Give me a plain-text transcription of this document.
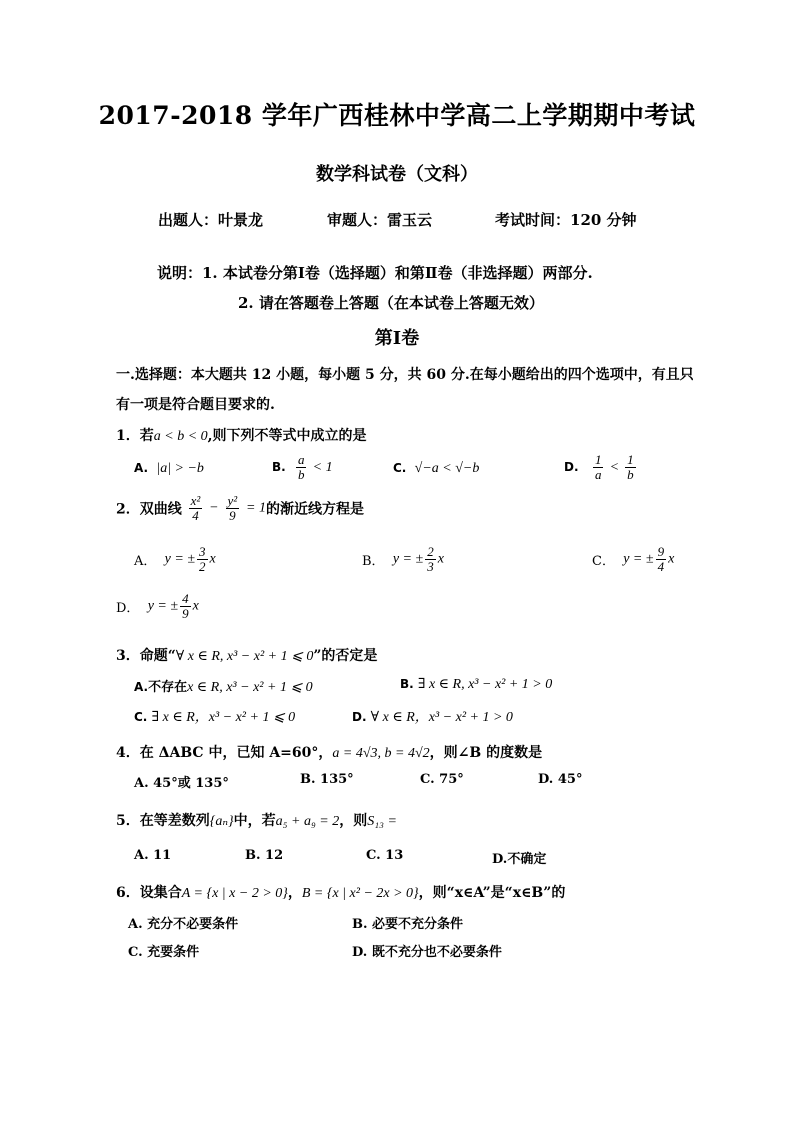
2017-2018 学年广西桂林中学高二上学期期中考试
数学科试卷（文科）
出题人：叶景龙	审题人：雷玉云	考试时间：120 分钟
说明：1. 本试卷分第Ⅰ卷（选择题）和第Ⅱ卷（非选择题）两部分.
2. 请在答题卷上答题（在本试卷上答题无效）
第Ⅰ卷
一.选择题：本大题共 12 小题，每小题 5 分，共 60 分.在每小题给出的四个选项中，有且只
有一项是符合题目要求的.
1．若a < b < 0,则下列不等式中成立的是
A. |a| > −b	B. $\frac{a}{b} < 1$	C. √−a < √−b	D. $\frac{1}{a} < \frac{1}{b}$
2．双曲线 $\frac{\text{x²}}{4} - \frac{\text{y²}}{9} = 1$的渐近线方程是
A． y = ± $\frac{3}{2}$ x	B． y = ± $\frac{2}{3}$ x	C． y = ± $\frac{9}{4}$ x
D． y = ± $\frac{4}{9}$ x
3．命题“∀ x ∈ R, x³ − x² + 1 ⩽ 0”的否定是
A.不存在x ∈ R, x³ − x² + 1 ⩽ 0	B. ∃ x ∈ R, x³ − x² + 1 > 0
C. ∃ x ∈ R，x³ − x² + 1 ⩽ 0	D. ∀ x ∈ R，x³ − x² + 1 > 0
4．在 ΔABC 中，已知 A=60°，a = 4√3, b = 4√2，则∠B 的度数是
A. 45°或 135°	B. 135°	C. 75°	D. 45°
5．在等差数列{aₙ}中，若a₅ + a₉ = 2，则S₁₃ =
A. 11	B. 12	C. 13	D.不确定
6．设集合A = {x | x − 2 > 0}，B = {x | x² − 2x > 0}，则“x∈A”是“x∈B”的
A. 充分不必要条件	B. 必要不充分条件
C. 充要条件	D. 既不充分也不必要条件
